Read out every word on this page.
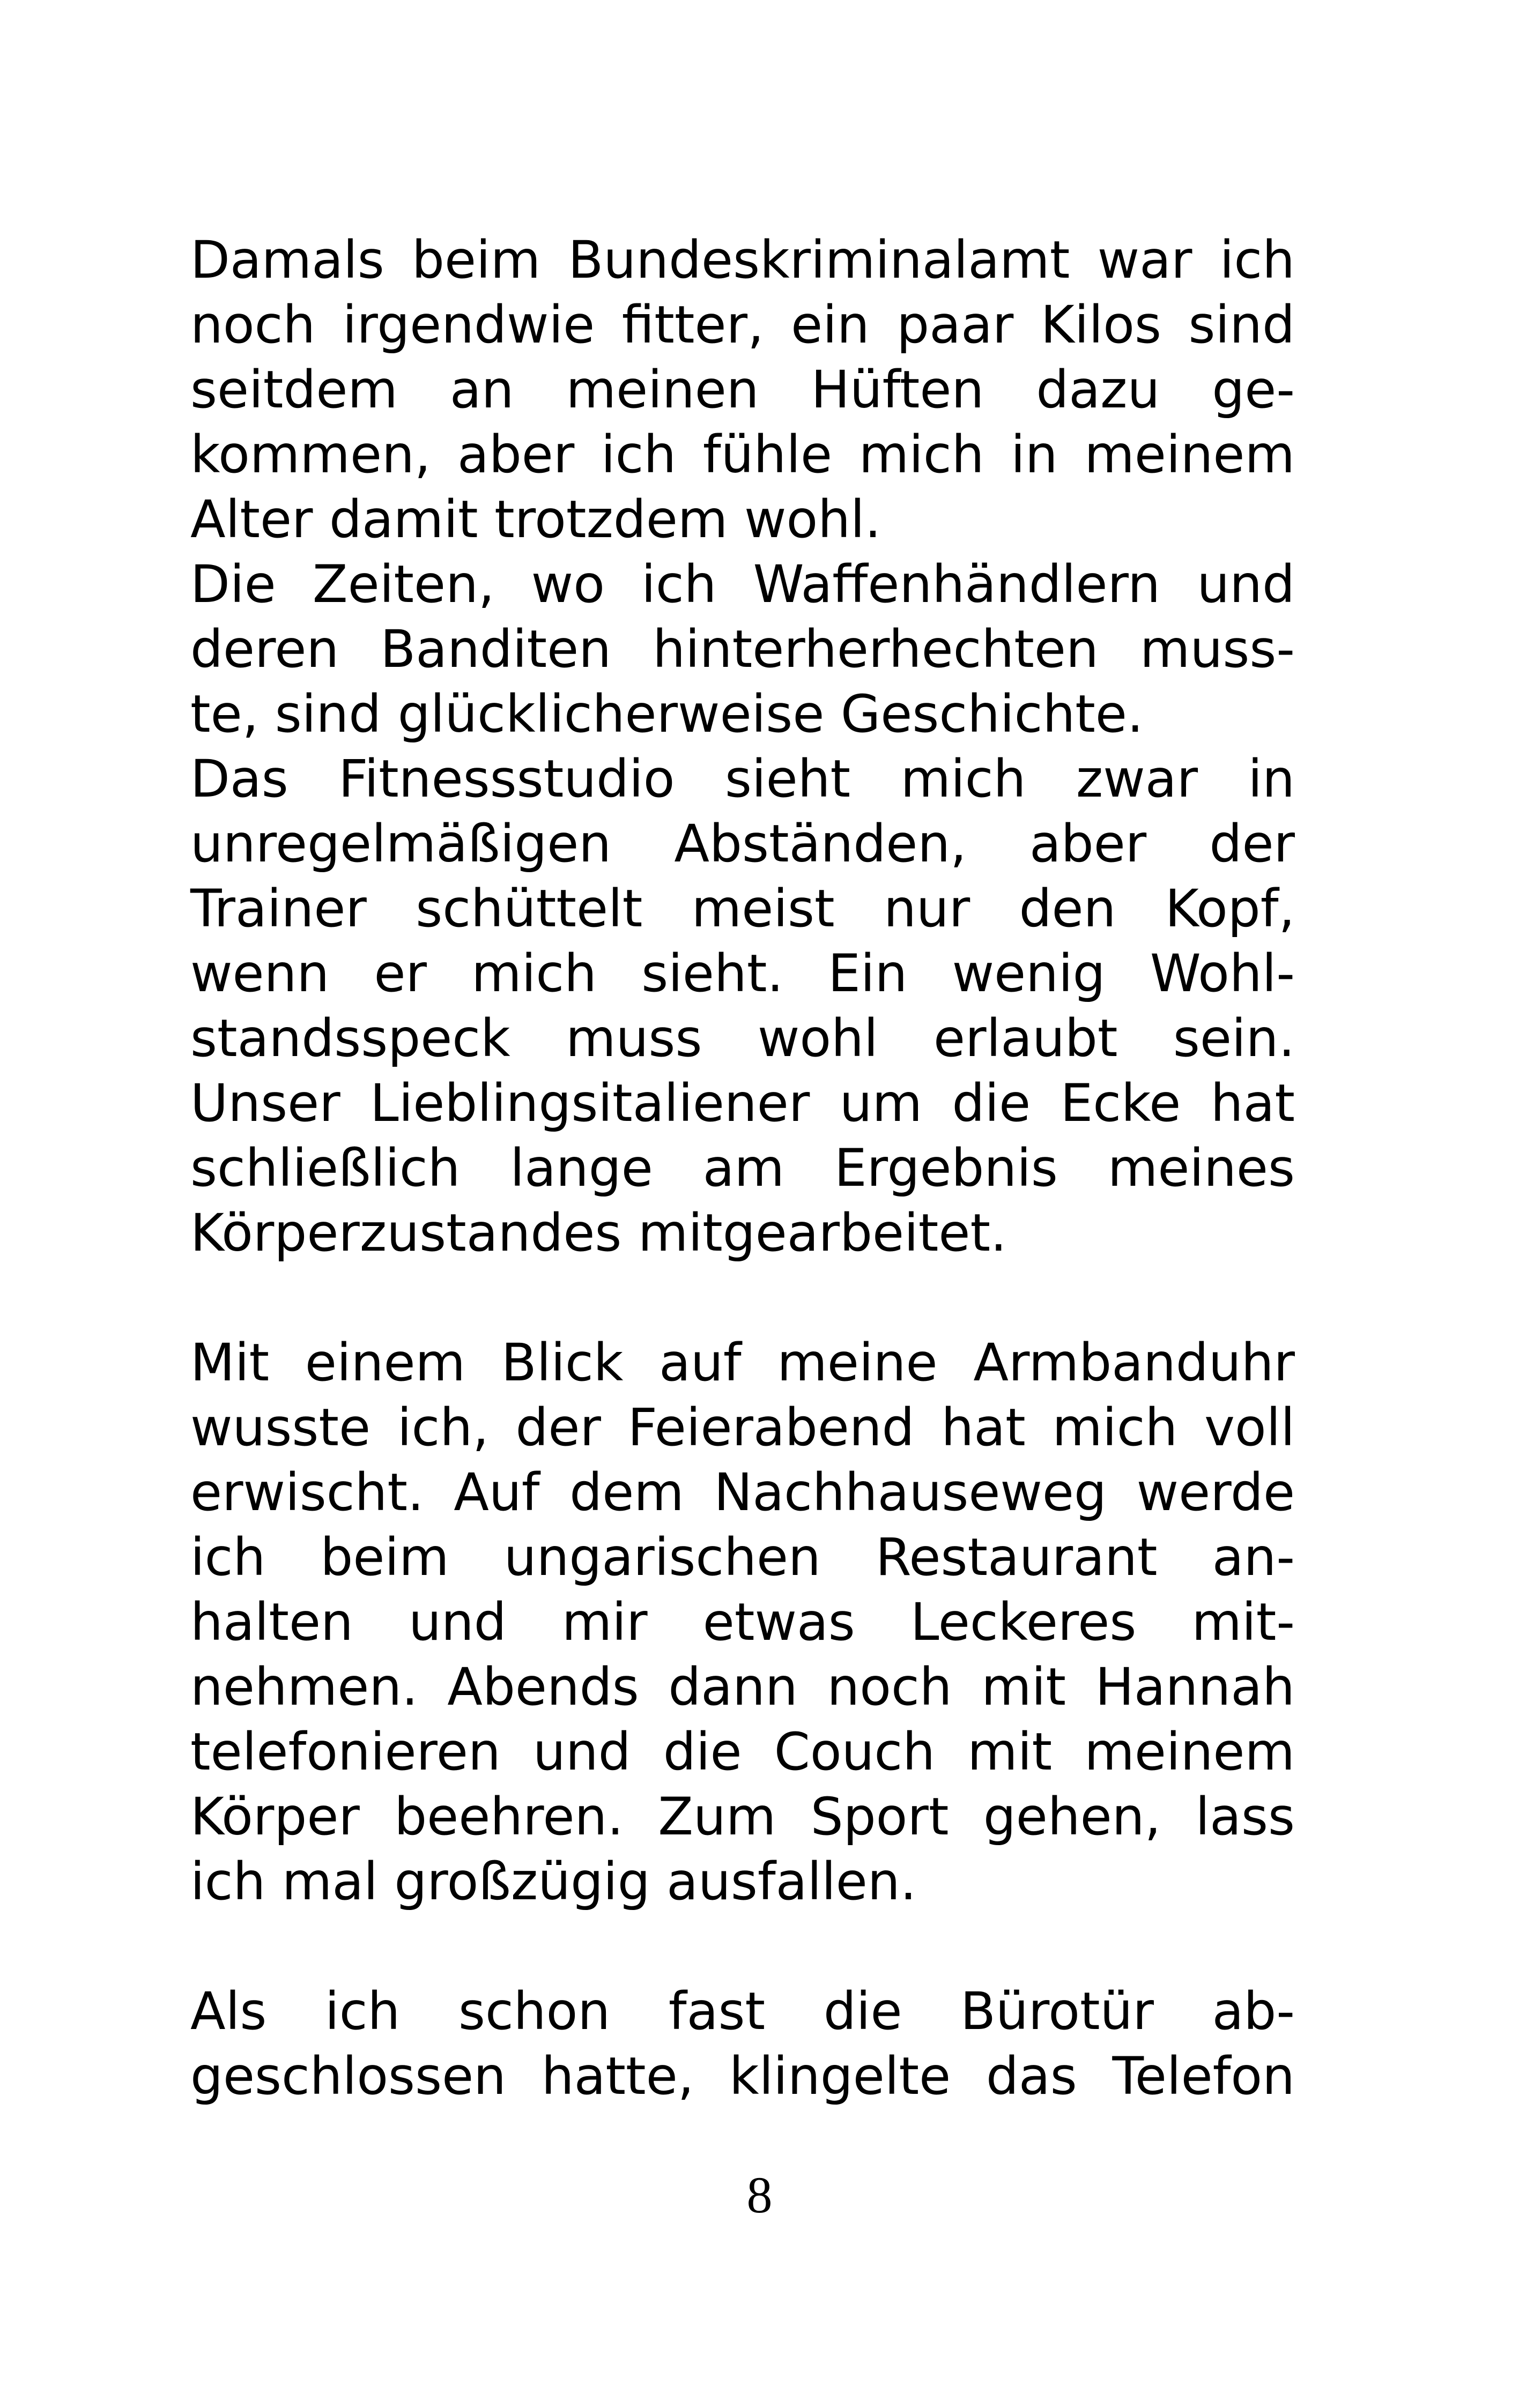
Damals beim Bundeskriminalamt war ich
noch irgendwie fitter, ein paar Kilos sind
seitdem an meinen Hüften dazu ge-
kommen, aber ich fühle mich in meinem
Alter damit trotzdem wohl.
Die Zeiten, wo ich Waffenhändlern und
deren Banditen hinterherhechten muss-
te, sind glücklicherweise Geschichte.
Das Fitnessstudio sieht mich zwar in
unregelmäßigen Abständen, aber der
Trainer schüttelt meist nur den Kopf,
wenn er mich sieht. Ein wenig Wohl-
standsspeck muss wohl erlaubt sein.
Unser Lieblingsitaliener um die Ecke hat
schließlich lange am Ergebnis meines
Körperzustandes mitgearbeitet.
Mit einem Blick auf meine Armbanduhr
wusste ich, der Feierabend hat mich voll
erwischt. Auf dem Nachhauseweg werde
ich beim ungarischen Restaurant an-
halten und mir etwas Leckeres mit-
nehmen. Abends dann noch mit Hannah
telefonieren und die Couch mit meinem
Körper beehren. Zum Sport gehen, lass
ich mal großzügig ausfallen.
Als ich schon fast die Bürotür ab-
geschlossen hatte, klingelte das Telefon
8
